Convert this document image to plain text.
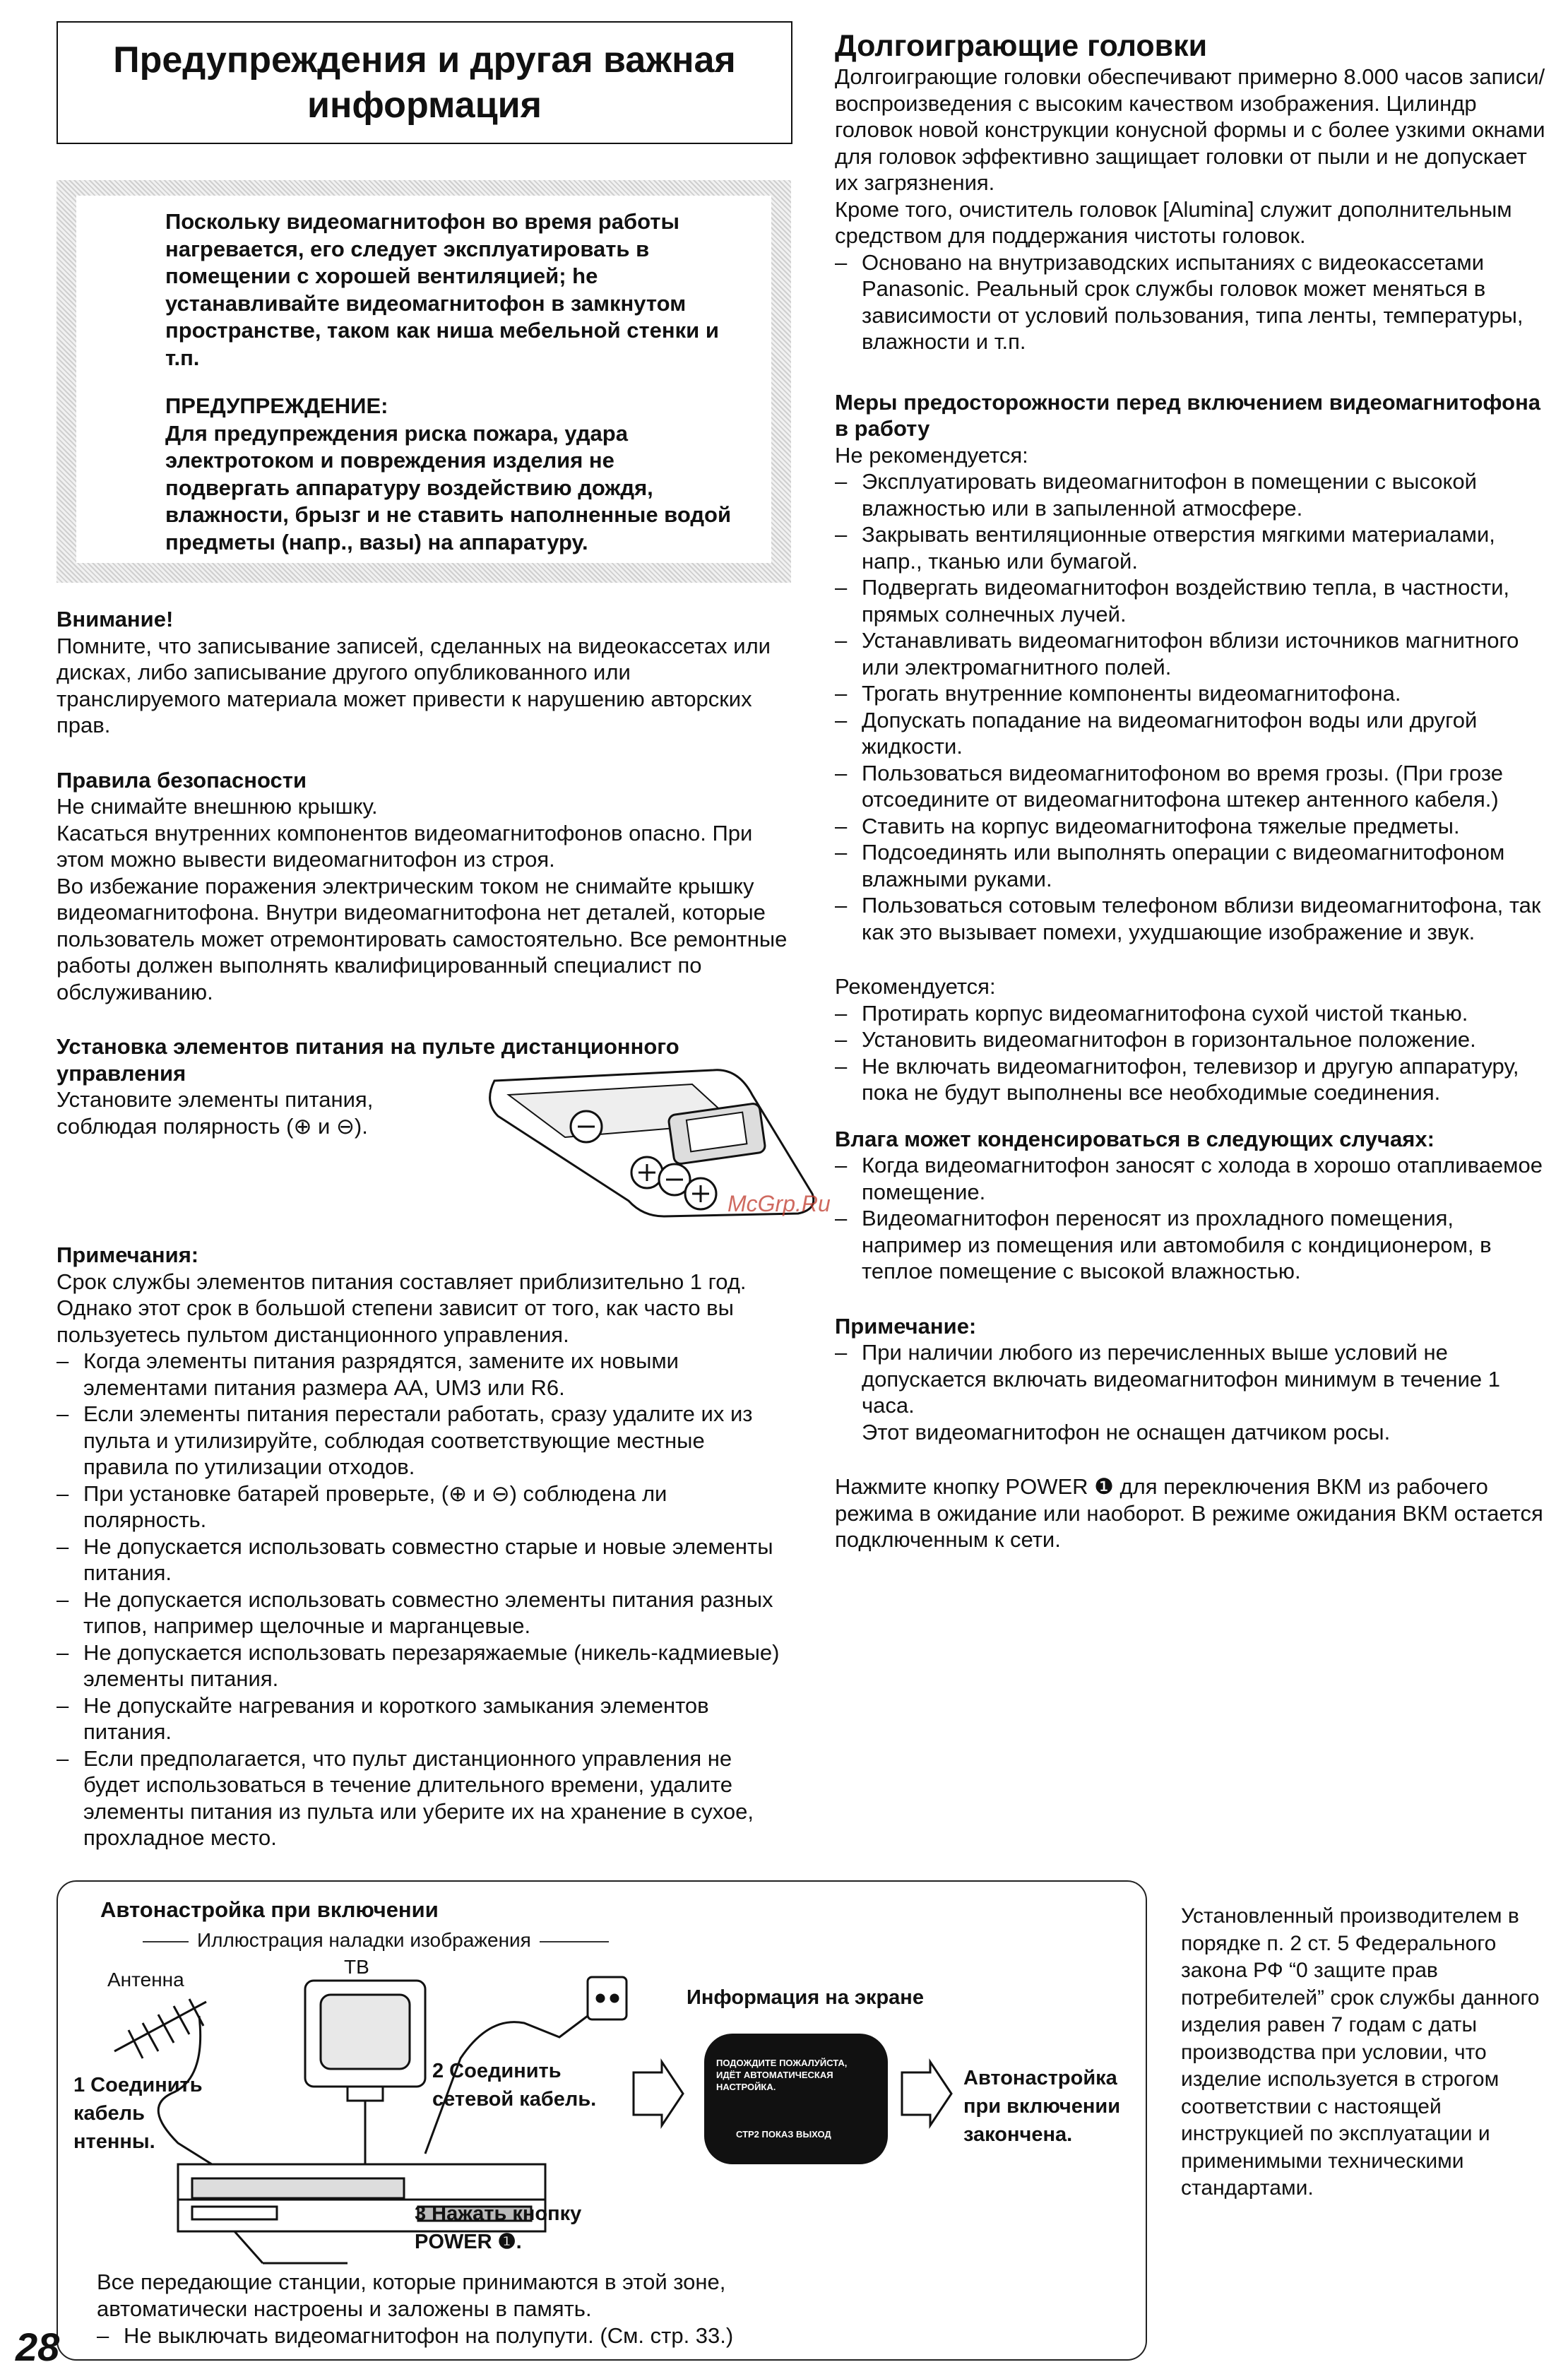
Предупреждения и другая важная информация

Поскольку видеомагнитофон во время работы нагревается, его следует эксплуатировать в помещении с хорошей вентиляцией; he устанавливайте видеомагнитофон в замкнутом пространстве, таком как ниша мебельной стенки и т.п.

ПРЕДУПРЕЖДЕНИЕ:

Для предупреждения риска пожара, удара электротоком и повреждения изделия не подвергать аппаратуру воздействию дождя, влажности, брызг и не ставить наполненные водой предметы (напр., вазы) на аппаратуру.

Внимание!

Помните, что записывание записей, сделанных на видеокассетах или дисках, либо записывание другого опубликованного или транслируемого материала может привести к нарушению авторских прав.

Правила безопасности

Не снимайте внешнюю крышку.

Касаться внутренних компонентов видеомагнитофонов опасно. При этом можно вывести видеомагнитофон из строя.

Во избежание поражения электрическим током не снимайте крышку видеомагнитофона. Внутри видеомагнитофона нет деталей, которые пользователь может отремонтировать самостоятельно. Все ремонтные работы должен выполнять квалифицированный специалист по обслуживанию.

Установка элементов питания на пульте дистанционного управления

Установите элементы питания, соблюдая полярность (⊕ и ⊖).

Примечания:

Срок службы элементов питания составляет приблизительно 1 год. Однако этот срок в большой степени зависит от того, как часто вы пользуетесь пультом дистанционного управления.

– Когда элементы питания разрядятся, замените их новыми элементами питания размера AA, UM3 или R6.
– Если элементы питания перестали работать, сразу удалите их из пульта и утилизируйте, соблюдая соответствующие местные правила по утилизации отходов.
– При установке батарей проверьте, (⊕ и ⊖) соблюдена ли полярность.
– Не допускается использовать совместно старые и новые элементы питания.
– Не допускается использовать совместно элементы питания разных типов, например щелочные и марганцевые.
– Не допускается использовать перезаряжаемые (никель-кадмиевые) элементы питания.
– Не допускайте нагревания и короткого замыкания элементов питания.
– Если предполагается, что пульт дистанционного управления не будет использоваться в течение длительного времени, удалите элементы питания из пульта или уберите их на хранение в сухое, прохладное место.

Долгоиграющие головки

Долгоиграющие головки обеспечивают примерно 8.000 часов записи/воспроизведения с высоким качеством изображения. Цилиндр головок новой конструкции конусной формы и с более узкими окнами для головок эффективно защищает головки от пыли и не допускает их загрязнения.

Кроме того, очиститель головок [Alumina] служит дополнительным средством для поддержания чистоты головок.

– Основано на внутризаводских испытаниях с видеокассетами Panasonic. Реальный срок службы головок может меняться в зависимости от условий пользования, типа ленты, температуры, влажности и т.п.

Меры предосторожности перед включением видеомагнитофона в работу

Не рекомендуется:

– Эксплуатировать видеомагнитофон в помещении с высокой влажностью или в запыленной атмосфере.
– Закрывать вентиляционные отверстия мягкими материалами, напр., тканью или бумагой.
– Подвергать видеомагнитофон воздействию тепла, в частности, прямых солнечных лучей.
– Устанавливать видеомагнитофон вблизи источников магнитного или электромагнитного полей.
– Трогать внутренние компоненты видеомагнитофона.
– Допускать попадание на видеомагнитофон воды или другой жидкости.
– Пользоваться видеомагнитофоном во время грозы. (При грозе отсоедините от видеомагнитофона штекер антенного кабеля.)
– Ставить на корпус видеомагнитофона тяжелые предметы.
– Подсоединять или выполнять операции с видеомагнитофоном влажными руками.
– Пользоваться сотовым телефоном вблизи видеомагнитофона, так как это вызывает помехи, ухудшающие изображение и звук.

Рекомендуется:

– Протирать корпус видеомагнитофона сухой чистой тканью.
– Установить видеомагнитофон в горизонтальное положение.
– Не включать видеомагнитофон, телевизор и другую аппаратуру, пока не будут выполнены все необходимые соединения.

Влага может конденсироваться в следующих случаях:

– Когда видеомагнитофон заносят с холода в хорошо отапливаемое помещение.
– Видеомагнитофон переносят из прохладного помещения, например из помещения или автомобиля с кондиционером, в теплое помещение с высокой влажностью.

Примечание:

– При наличии любого из перечисленных выше условий не допускается включать видеомагнитофон минимум в течение 1 часа.

Этот видеомагнитофон не оснащен датчиком росы.

Нажмите кнопку POWER ❶ для переключения ВКМ из рабочего режима в ожидание или наоборот. В режиме ожидания ВКМ остается подключенным к сети.

McGrp.Ru
Автонастройка при включении
Иллюстрация наладки изображения
Антенна
ТВ
1 Соединить кабель нтенны.
2 Соединить сетевой кабель.
3 Нажать кнопку POWER ❶.
Информация на экране
ПОДОЖДИТЕ ПОЖАЛУЙСТА, ИДЁТ АВТОМАТИЧЕСКАЯ НАСТРОЙКА.
СТР2 ПОКАЗ ВЫХОД
Автонастройка при включении закончена.

Все передающие станции, которые принимаются в этой зоне, автоматически настроены и заложены в память.

– Не выключать видеомагнитофон на полупути. (См. стр. 33.)
Установленный производителем в порядке п. 2 ст. 5 Федерального закона РФ “0 защите прав потребителей” срок службы данного изделия равен 7 годам с даты производства при условии, что изделие используется в строгом соответствии с настоящей инструкцией по эксплуатации и применимыми техническими стандартами.
28
